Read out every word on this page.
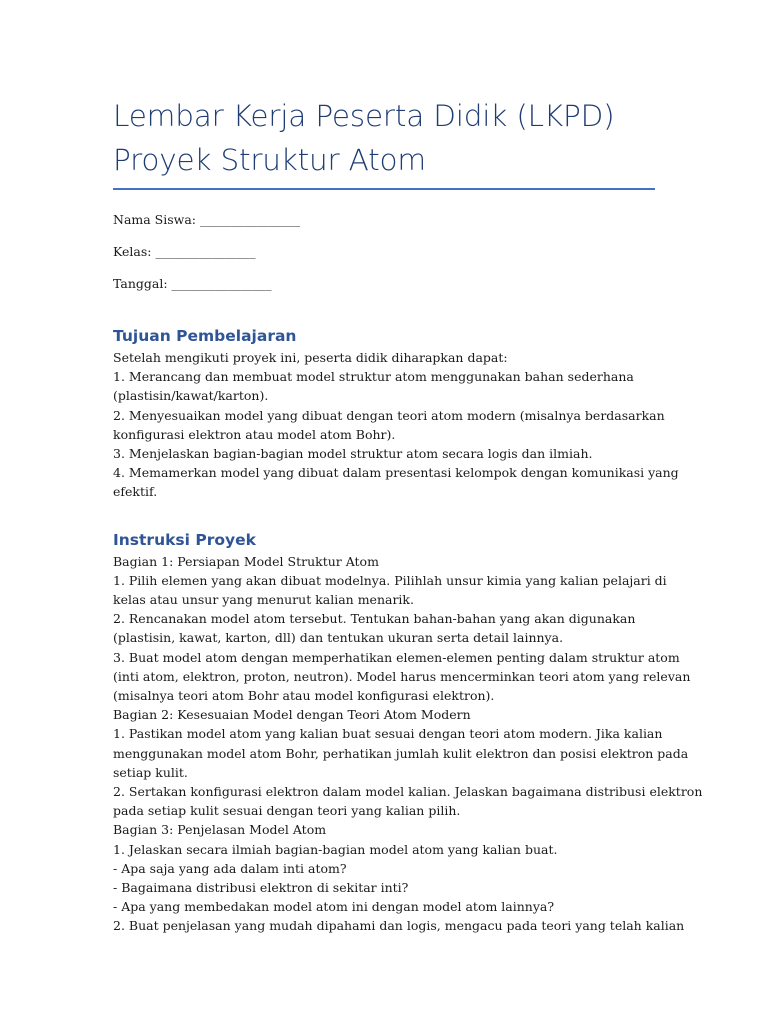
Lembar Kerja Peserta Didik (LKPD)
Proyek Struktur Atom

Nama Siswa: ________________

Kelas: ________________

Tanggal: ________________

Tujuan Pembelajaran
Setelah mengikuti proyek ini, peserta didik diharapkan dapat:
1. Merancang dan membuat model struktur atom menggunakan bahan sederhana
(plastisin/kawat/karton).
2. Menyesuaikan model yang dibuat dengan teori atom modern (misalnya berdasarkan
konfigurasi elektron atau model atom Bohr).
3. Menjelaskan bagian-bagian model struktur atom secara logis dan ilmiah.
4. Memamerkan model yang dibuat dalam presentasi kelompok dengan komunikasi yang
efektif.
Instruksi Proyek
Bagian 1: Persiapan Model Struktur Atom
1. Pilih elemen yang akan dibuat modelnya. Pilihlah unsur kimia yang kalian pelajari di
kelas atau unsur yang menurut kalian menarik.
2. Rencanakan model atom tersebut. Tentukan bahan-bahan yang akan digunakan
(plastisin, kawat, karton, dll) dan tentukan ukuran serta detail lainnya.
3. Buat model atom dengan memperhatikan elemen-elemen penting dalam struktur atom
(inti atom, elektron, proton, neutron). Model harus mencerminkan teori atom yang relevan
(misalnya teori atom Bohr atau model konfigurasi elektron).
Bagian 2: Kesesuaian Model dengan Teori Atom Modern
1. Pastikan model atom yang kalian buat sesuai dengan teori atom modern. Jika kalian
menggunakan model atom Bohr, perhatikan jumlah kulit elektron dan posisi elektron pada
setiap kulit.
2. Sertakan konfigurasi elektron dalam model kalian. Jelaskan bagaimana distribusi elektron
pada setiap kulit sesuai dengan teori yang kalian pilih.
Bagian 3: Penjelasan Model Atom
1. Jelaskan secara ilmiah bagian-bagian model atom yang kalian buat.
- Apa saja yang ada dalam inti atom?
- Bagaimana distribusi elektron di sekitar inti?
- Apa yang membedakan model atom ini dengan model atom lainnya?
2. Buat penjelasan yang mudah dipahami dan logis, mengacu pada teori yang telah kalian
